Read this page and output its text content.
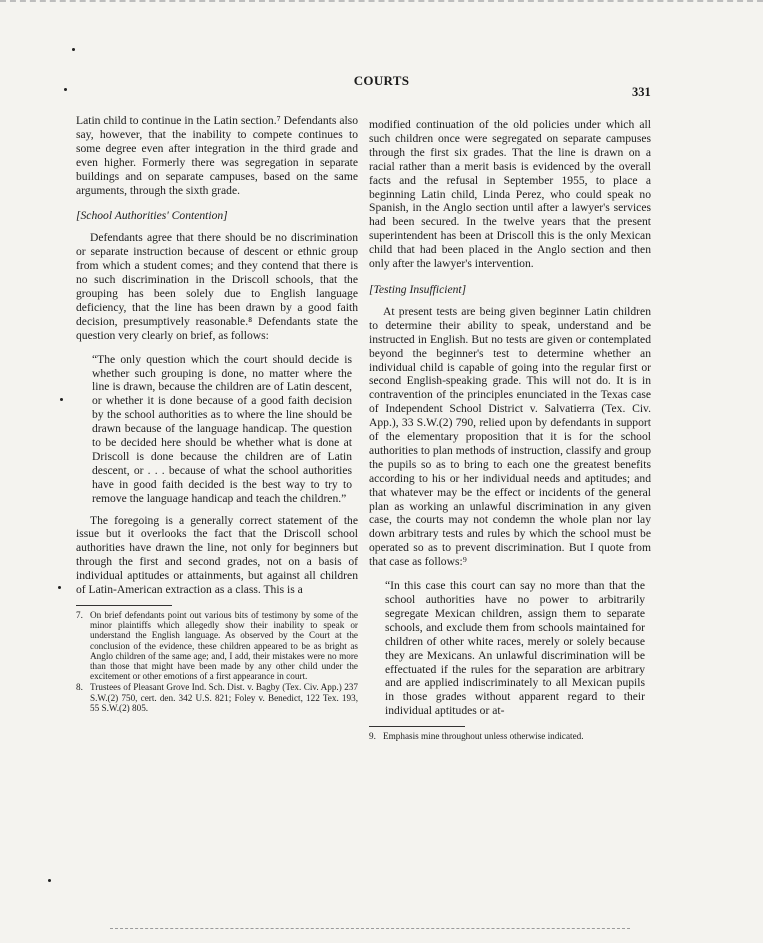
COURTS
331

Latin child to continue in the Latin section.⁷ Defendants also say, however, that the inability to compete continues to some degree even after integration in the third grade and even higher. Formerly there was segregation in separate buildings and on separate campuses, based on the same arguments, through the sixth grade.

[School Authorities' Contention]

Defendants agree that there should be no discrimination or separate instruction because of descent or ethnic group from which a student comes; and they contend that there is no such discrimination in the Driscoll schools, that the grouping has been solely due to English language deficiency, that the line has been drawn by a good faith decision, presumptively reasonable.⁸ Defendants state the question very clearly on brief, as follows:

“The only question which the court should decide is whether such grouping is done, no matter where the line is drawn, because the children are of Latin descent, or whether it is done because of a good faith decision by the school authorities as to where the line should be drawn because of the language handicap. The question to be decided here should be whether what is done at Driscoll is done because the children are of Latin descent, or . . . because of what the school authorities have in good faith decided is the best way to try to remove the language handicap and teach the children.”

The foregoing is a generally correct statement of the issue but it overlooks the fact that the Driscoll school authorities have drawn the line, not only for beginners but through the first and second grades, not on a basis of individual aptitudes or attainments, but against all children of Latin-American extraction as a class. This is a

7. On brief defendants point out various bits of testimony by some of the minor plaintiffs which allegedly show their inability to speak or understand the English language. As observed by the Court at the conclusion of the evidence, these children appeared to be as bright as Anglo children of the same age; and, I add, their mistakes were no more than those that might have been made by any other child under the excitement or other emotions of a first appearance in court.

8. Trustees of Pleasant Grove Ind. Sch. Dist. v. Bagby (Tex. Civ. App.) 237 S.W.(2) 750, cert. den. 342 U.S. 821; Foley v. Benedict, 122 Tex. 193, 55 S.W.(2) 805.

modified continuation of the old policies under which all such children once were segregated on separate campuses through the first six grades. That the line is drawn on a racial rather than a merit basis is evidenced by the overall facts and the refusal in September 1955, to place a beginning Latin child, Linda Perez, who could speak no Spanish, in the Anglo section until after a lawyer's services had been secured. In the twelve years that the present superintendent has been at Driscoll this is the only Mexican child that had been placed in the Anglo section and then only after the lawyer's intervention.

[Testing Insufficient]

At present tests are being given beginner Latin children to determine their ability to speak, understand and be instructed in English. But no tests are given or contemplated beyond the beginner's test to determine whether an individual child is capable of going into the regular first or second English-speaking grade. This will not do. It is in contravention of the principles enunciated in the Texas case of Independent School District v. Salvatierra (Tex. Civ. App.), 33 S.W.(2) 790, relied upon by defendants in support of the elementary proposition that it is for the school authorities to plan methods of instruction, classify and group the pupils so as to bring to each one the greatest benefits according to his or her individual needs and aptitudes; and that whatever may be the effect or incidents of the general plan as working an unlawful discrimination in any given case, the courts may not condemn the whole plan nor lay down arbitrary tests and rules by which the school must be operated so as to prevent discrimination. But I quote from that case as follows:⁹

“In this case this court can say no more than that the school authorities have no power to arbitrarily segregate Mexican children, assign them to separate schools, and exclude them from schools maintained for children of other white races, merely or solely because they are Mexicans. An unlawful discrimination will be effectuated if the rules for the separation are arbitrary and are applied indiscriminately to all Mexican pupils in those grades without apparent regard to their individual aptitudes or at-

9. Emphasis mine throughout unless otherwise indicated.
